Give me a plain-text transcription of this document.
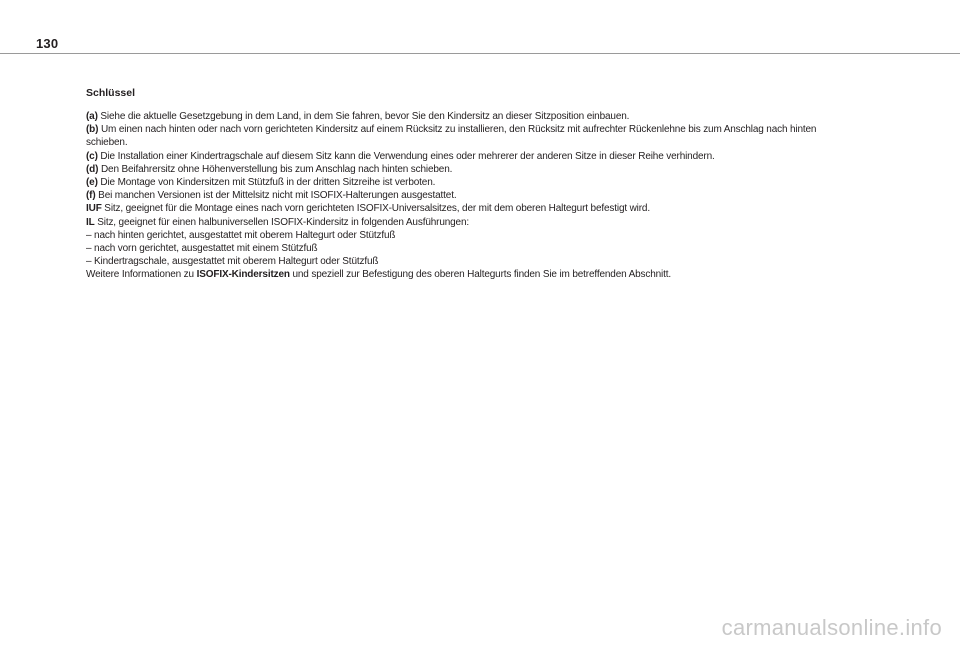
130
Schlüssel
(a) Siehe die aktuelle Gesetzgebung in dem Land, in dem Sie fahren, bevor Sie den Kindersitz an dieser Sitzposition einbauen.
(b) Um einen nach hinten oder nach vorn gerichteten Kindersitz auf einem Rücksitz zu installieren, den Rücksitz mit aufrechter Rückenlehne bis zum Anschlag nach hinten
schieben.
(c) Die Installation einer Kindertragschale auf diesem Sitz kann die Verwendung eines oder mehrerer der anderen Sitze in dieser Reihe verhindern.
(d) Den Beifahrersitz ohne Höhenverstellung bis zum Anschlag nach hinten schieben.
(e) Die Montage von Kindersitzen mit Stützfuß in der dritten Sitzreihe ist verboten.
(f) Bei manchen Versionen ist der Mittelsitz nicht mit ISOFIX-Halterungen ausgestattet.
IUF Sitz, geeignet für die Montage eines nach vorn gerichteten ISOFIX-Universalsitzes, der mit dem oberen Haltegurt befestigt wird.
IL Sitz, geeignet für einen halbuniversellen ISOFIX-Kindersitz in folgenden Ausführungen:
– nach hinten gerichtet, ausgestattet mit oberem Haltegurt oder Stützfuß
– nach vorn gerichtet, ausgestattet mit einem Stützfuß
– Kindertragschale, ausgestattet mit oberem Haltegurt oder Stützfuß
Weitere Informationen zu ISOFIX-Kindersitzen und speziell zur Befestigung des oberen Haltegurts finden Sie im betreffenden Abschnitt.
carmanualsonline.info
